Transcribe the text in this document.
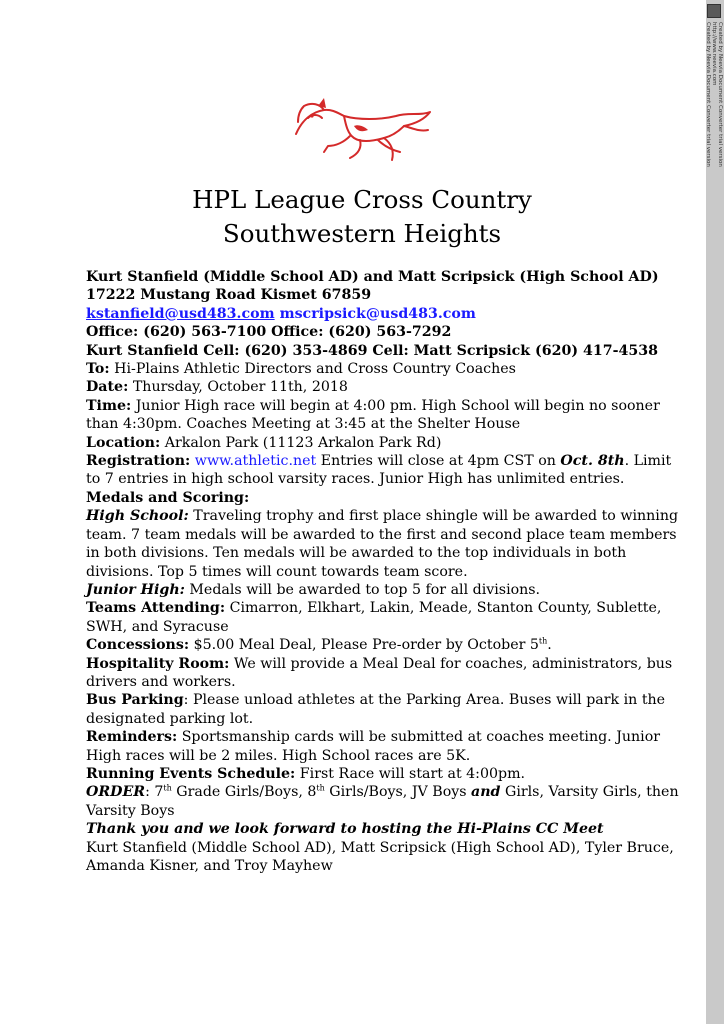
HPL League Cross Country
Southwestern Heights
Kurt Stanfield (Middle School AD) and Matt Scripsick (High School AD)
17222 Mustang Road Kismet 67859
kstanfield@usd483.com mscripsick@usd483.com
Office: (620) 563-7100 Office: (620) 563-7292
Kurt Stanfield Cell: (620) 353-4869 Cell: Matt Scripsick (620) 417-4538
To: Hi-Plains Athletic Directors and Cross Country Coaches
Date: Thursday, October 11th, 2018
Time: Junior High race will begin at 4:00 pm. High School will begin no sooner
than 4:30pm. Coaches Meeting at 3:45 at the Shelter House
Location: Arkalon Park (11123 Arkalon Park Rd)
Registration: www.athletic.net Entries will close at 4pm CST on Oct. 8th. Limit
to 7 entries in high school varsity races. Junior High has unlimited entries.
Medals and Scoring:
High School: Traveling trophy and first place shingle will be awarded to winning
team. 7 team medals will be awarded to the first and second place team members
in both divisions. Ten medals will be awarded to the top individuals in both
divisions. Top 5 times will count towards team score.
Junior High: Medals will be awarded to top 5 for all divisions.
Teams Attending: Cimarron, Elkhart, Lakin, Meade, Stanton County, Sublette,
SWH, and Syracuse
Concessions: $5.00 Meal Deal, Please Pre-order by October 5th.
Hospitality Room: We will provide a Meal Deal for coaches, administrators, bus
drivers and workers.
Bus Parking: Please unload athletes at the Parking Area. Buses will park in the
designated parking lot.
Reminders: Sportsmanship cards will be submitted at coaches meeting. Junior
High races will be 2 miles. High School races are 5K.
Running Events Schedule: First Race will start at 4:00pm.
ORDER: 7th Grade Girls/Boys, 8th Girls/Boys, JV Boys and Girls, Varsity Girls, then
Varsity Boys
Thank you and we look forward to hosting the Hi-Plains CC Meet
Kurt Stanfield (Middle School AD), Matt Scripsick (High School AD), Tyler Bruce,
Amanda Kisner, and Troy Mayhew
Created by Neevia Document Converter trial version
http://www.neevia.com
Created by Neevia Document Converter trial version
